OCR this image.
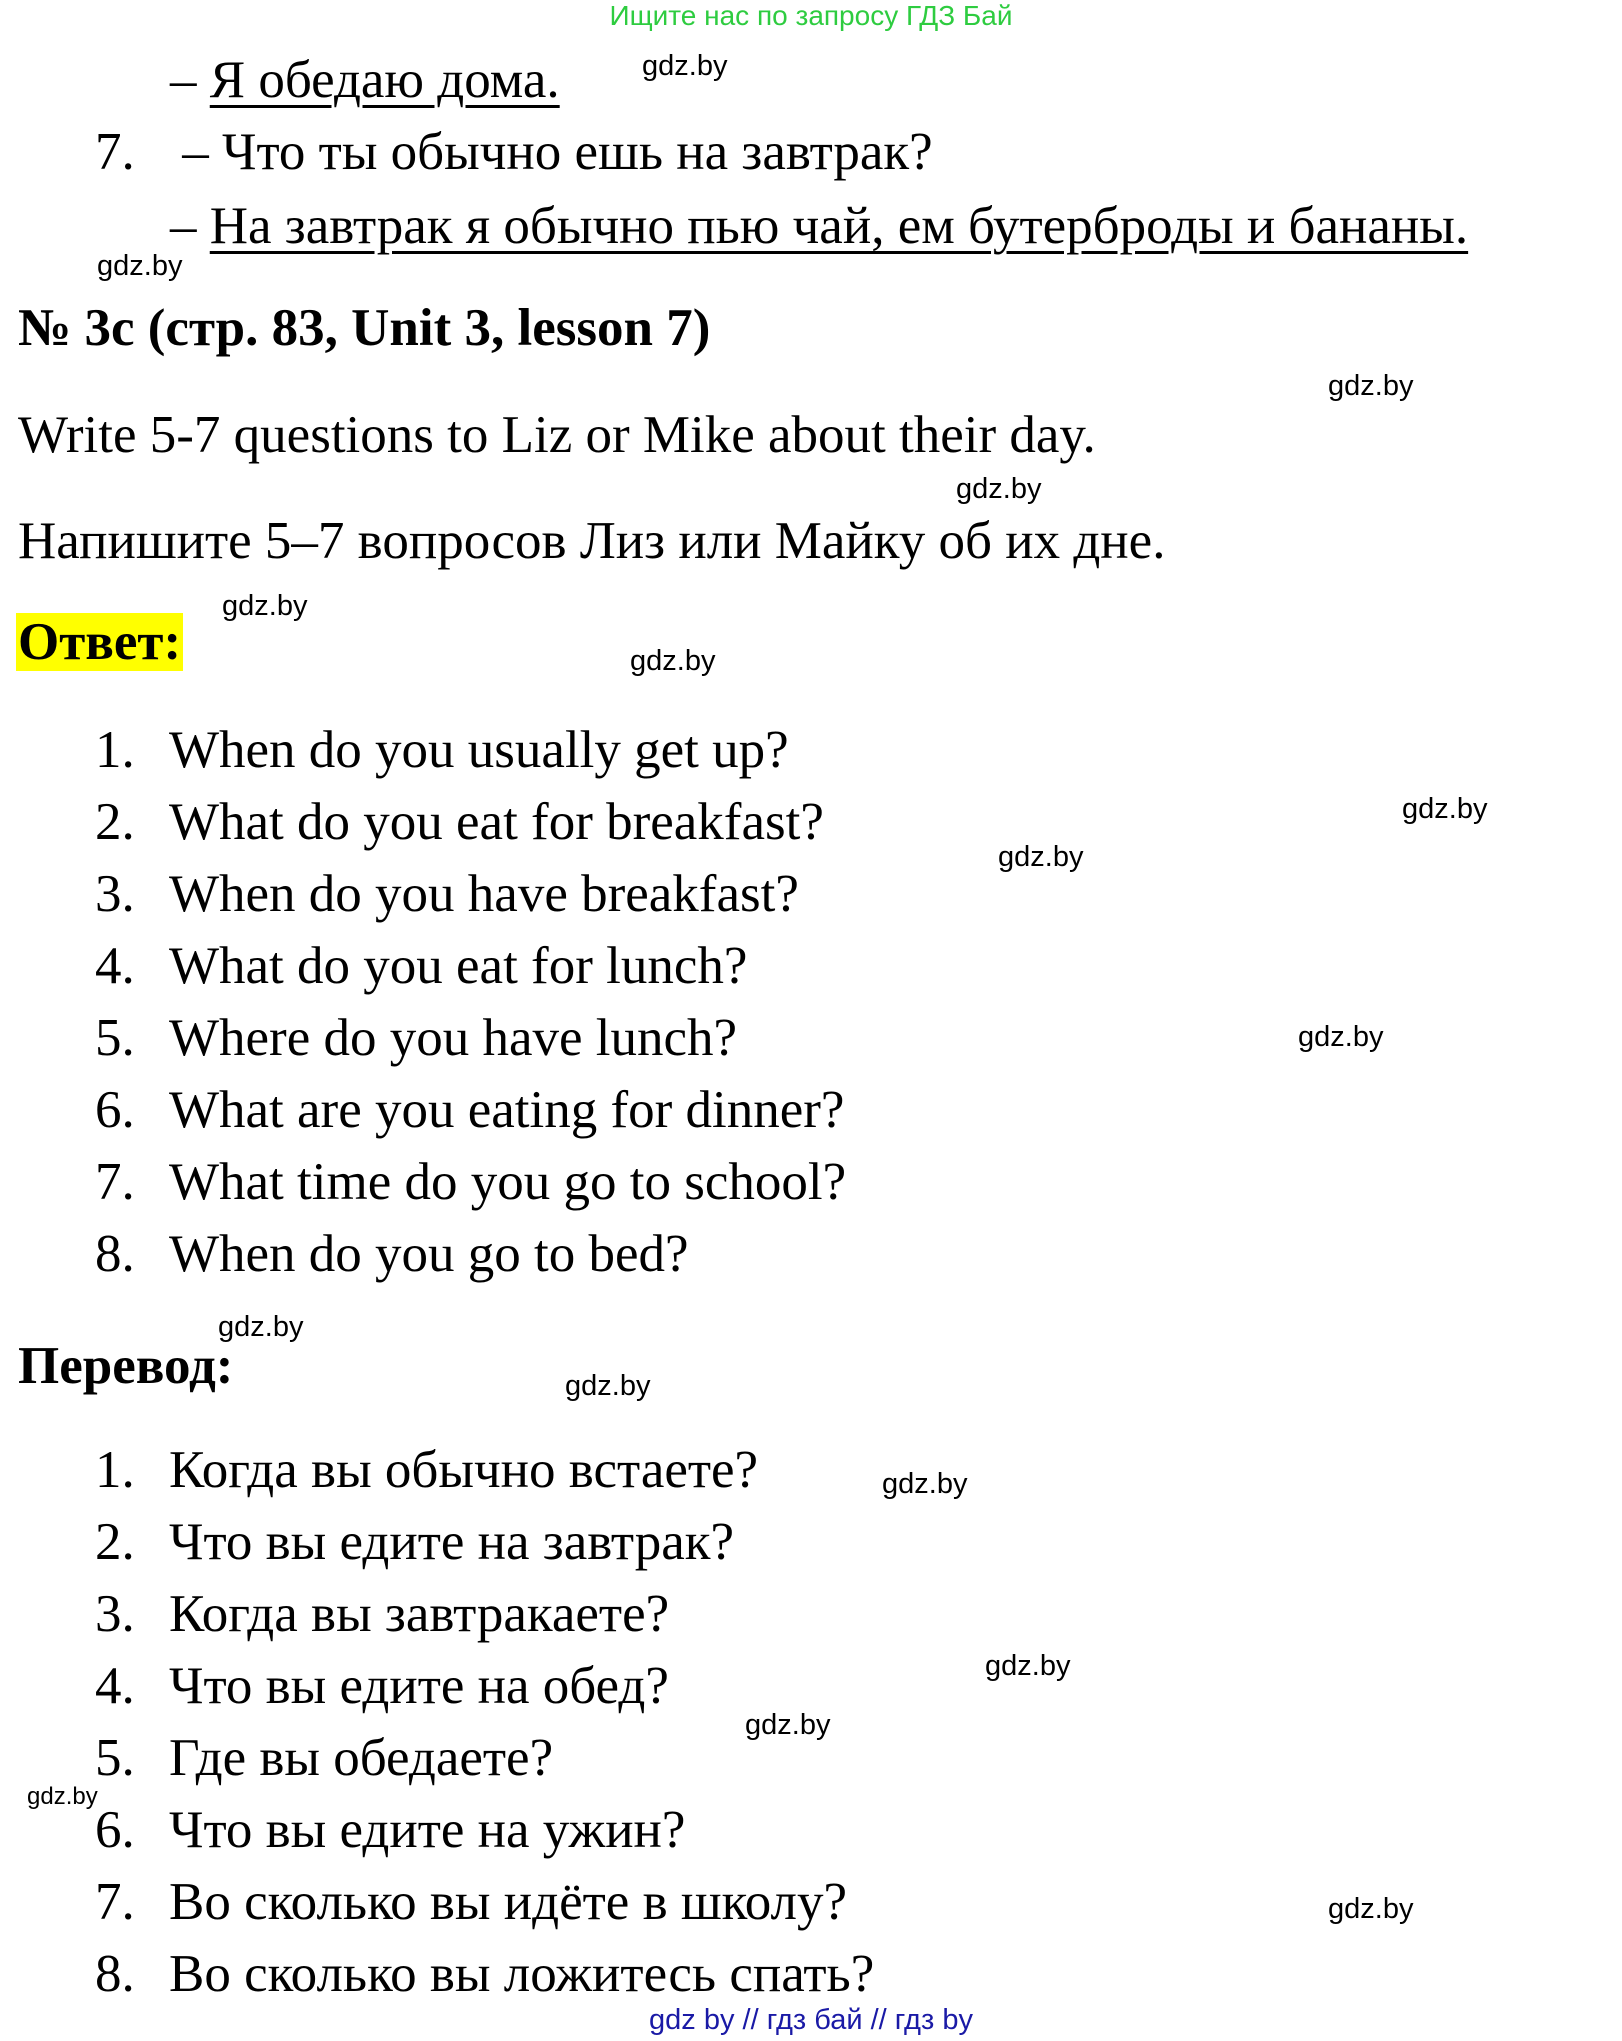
Ищите нас по запросу ГДЗ Бай
– Я обедаю дома.	gdz.by
7. – Что ты обычно ешь на завтрак?
– На завтрак я обычно пью чай, ем бутерброды и бананы.
gdz.by
№ 3c (стр. 83, Unit 3, lesson 7)
gdz.by
Write 5-7 questions to Liz or Mike about their day.
gdz.by
Напишите 5–7 вопросов Лиз или Майку об их дне.
gdz.by
Ответ:	gdz.by
1. When do you usually get up?
2. What do you eat for breakfast?
3. When do you have breakfast?
4. What do you eat for lunch?
5. Where do you have lunch?
6. What are you eating for dinner?
7. What time do you go to school?
8. When do you go to bed?
gdz.by
gdz.by
gdz.by
gdz.by
Перевод:	gdz.by
1. Когда вы обычно встаете?
2. Что вы едите на завтрак?
3. Когда вы завтракаете?
4. Что вы едите на обед?
5. Где вы обедаете?
6. Что вы едите на ужин?
7. Во сколько вы идёте в школу?
8. Во сколько вы ложитесь спать?
gdz.by
gdz.by
gdz.by
gdz.by
gdz.by
gdz by // гдз бай // гдз by
